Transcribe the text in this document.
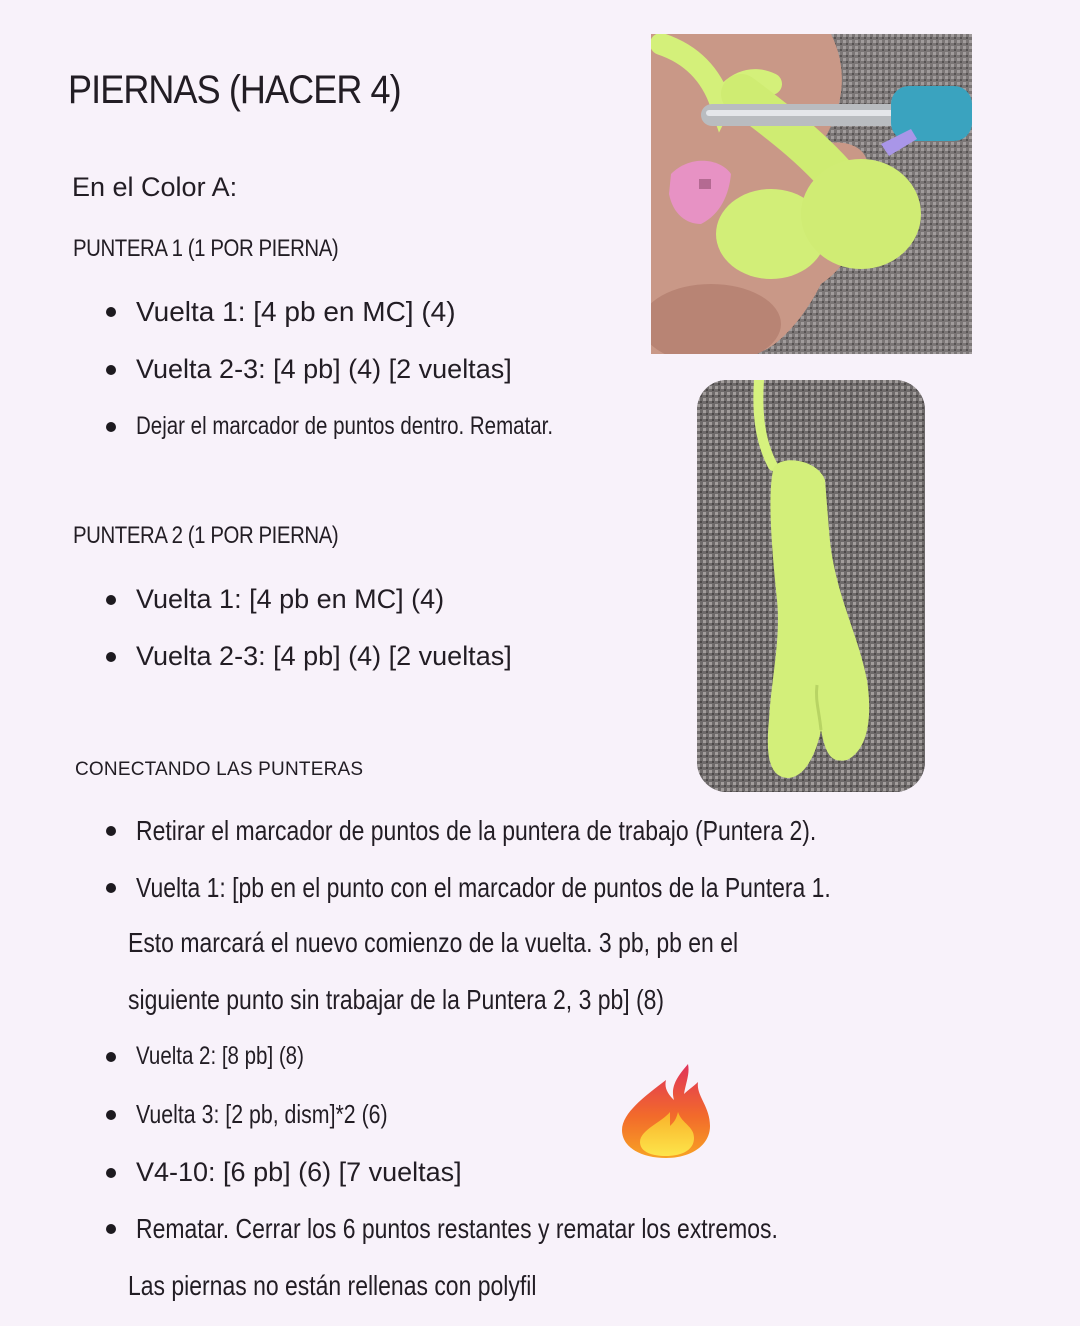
PIERNAS (HACER 4)
En el Color A:
PUNTERA 1 (1 POR PIERNA)
Vuelta 1: [4 pb en MC] (4)
Vuelta 2-3: [4 pb] (4) [2 vueltas]
Dejar el marcador de puntos dentro. Rematar.
PUNTERA 2 (1 POR PIERNA)
Vuelta 1: [4 pb en MC] (4)
Vuelta 2-3: [4 pb] (4) [2 vueltas]
CONECTANDO LAS PUNTERAS
Retirar el marcador de puntos de la puntera de trabajo (Puntera 2).
Vuelta 1: [pb en el punto con el marcador de puntos de la Puntera 1.
Esto marcará el nuevo comienzo de la vuelta. 3 pb, pb en el
siguiente punto sin trabajar de la Puntera 2, 3 pb] (8)
Vuelta 2: [8 pb] (8)
Vuelta 3: [2 pb, dism]*2 (6)
V4-10: [6 pb] (6) [7 vueltas]
Rematar. Cerrar los 6 puntos restantes y rematar los extremos.
Las piernas no están rellenas con polyfil
